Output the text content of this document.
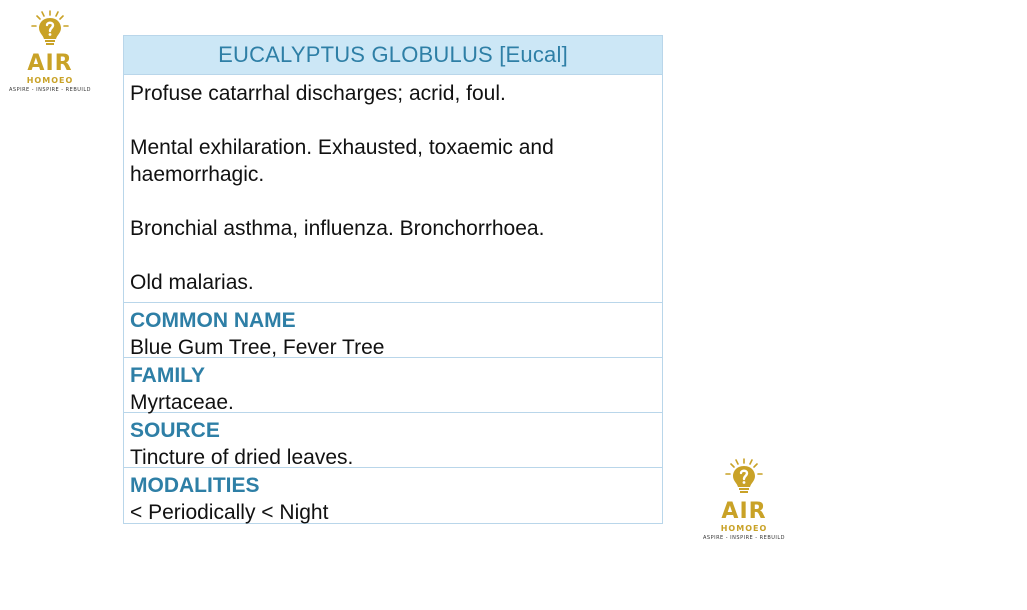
AIR
HOMOEO
ASPIRE - INSPIRE - REBUILD
EUCALYPTUS GLOBULUS [Eucal]

Profuse catarrhal discharges; acrid, foul.

Mental exhilaration. Exhausted, toxaemic and haemorrhagic.

Bronchial asthma, influenza. Bronchorrhoea.

Old malarias.

COMMON NAME
Blue Gum Tree, Fever Tree
FAMILY
Myrtaceae.
SOURCE
Tincture of dried leaves.
MODALITIES
< Periodically < Night	AIR
HOMOEO
ASPIRE - INSPIRE - REBUILD
